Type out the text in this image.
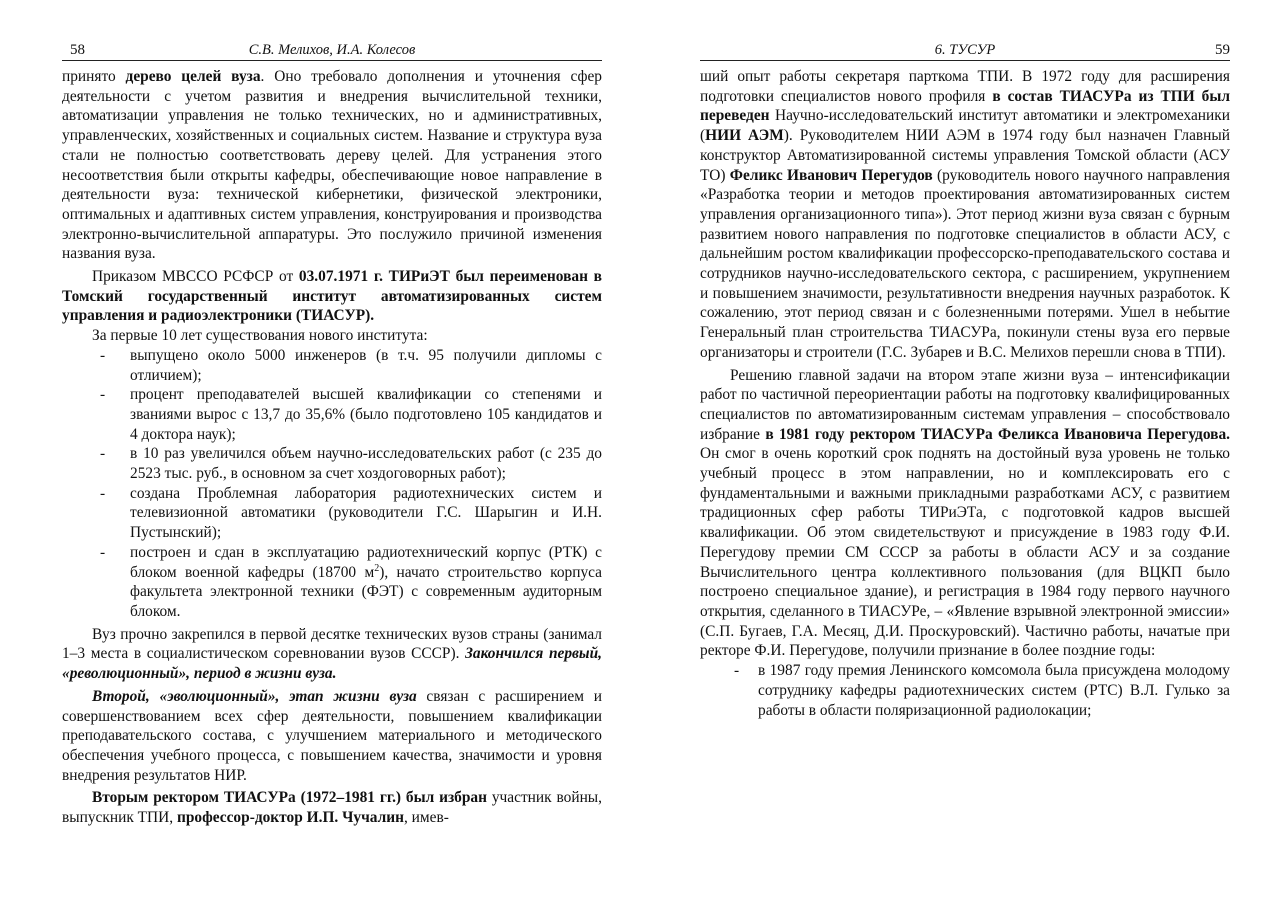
58	С.В. Мелихов, И.А. Колесов

принято дерево целей вуза. Оно требовало дополнения и уточнения сфер деятельности с учетом развития и внедрения вычислительной техники, автоматизации управления не только технических, но и административных, управленческих, хозяйственных и социальных систем. Название и структура вуза стали не полностью соответствовать дереву целей. Для устранения этого несоответствия были открыты кафедры, обеспечивающие новое направление в деятельности вуза: технической кибернетики, физической электроники, оптимальных и адаптивных систем управления, конструирования и производства электронно-вычислительной аппаратуры. Это послужило причиной изменения названия вуза.

Приказом МВССО РСФСР от 03.07.1971 г. ТИРиЭТ был переименован в Томский государственный институт автоматизированных систем управления и радиоэлектроники (ТИАСУР).

За первые 10 лет существования нового института:

- выпущено около 5000 инженеров (в т.ч. 95 получили дипломы с отличием);
- процент преподавателей высшей квалификации со степенями и званиями вырос с 13,7 до 35,6% (было подготовлено 105 кандидатов и 4 доктора наук);
- в 10 раз увеличился объем научно-исследовательских работ (с 235 до 2523 тыс. руб., в основном за счет хоздоговорных работ);
- создана Проблемная лаборатория радиотехнических систем и телевизионной автоматики (руководители Г.С. Шарыгин и И.Н. Пустынский);
- построен и сдан в эксплуатацию радиотехнический корпус (РТК) с блоком военной кафедры (18700 $м^2$), начато строительство корпуса факультета электронной техники (ФЭТ) с современным аудиторным блоком.

Вуз прочно закрепился в первой десятке технических вузов страны (занимал 1–3 места в социалистическом соревновании вузов СССР). Закончился первый, «революционный», период в жизни вуза.

Второй, «эволюционный», этап жизни вуза связан с расширением и совершенствованием всех сфер деятельности, повышением квалификации преподавательского состава, с улучшением материального и методического обеспечения учебного процесса, с повышением качества, значимости и уровня внедрения результатов НИР.

Вторым ректором ТИАСУРа (1972–1981 гг.) был избран участник войны, выпускник ТПИ, профессор-доктор И.П. Чучалин, имев-

6. ТУСУР	59

ший опыт работы секретаря парткома ТПИ. В 1972 году для расширения подготовки специалистов нового профиля в состав ТИАСУРа из ТПИ был переведен Научно-исследовательский институт автоматики и электромеханики (НИИ АЭМ). Руководителем НИИ АЭМ в 1974 году был назначен Главный конструктор Автоматизированной системы управления Томской области (АСУ ТО) Феликс Иванович Перегудов (руководитель нового научного направления «Разработка теории и методов проектирования автоматизированных систем управления организационного типа»). Этот период жизни вуза связан с бурным развитием нового направления по подготовке специалистов в области АСУ, с дальнейшим ростом квалификации профессорско-преподавательского состава и сотрудников научно-исследовательского сектора, с расширением, укрупнением и повышением значимости, результативности внедрения научных разработок. К сожалению, этот период связан и с болезненными потерями. Ушел в небытие Генеральный план строительства ТИАСУРа, покинули стены вуза его первые организаторы и строители (Г.С. Зубарев и В.С. Мелихов перешли снова в ТПИ).

Решению главной задачи на втором этапе жизни вуза – интенсификации работ по частичной переориентации работы на подготовку квалифицированных специалистов по автоматизированным системам управления – способствовало избрание в 1981 году ректором ТИАСУРа Феликса Ивановича Перегудова. Он смог в очень короткий срок поднять на достойный вуза уровень не только учебный процесс в этом направлении, но и комплексировать его с фундаментальными и важными прикладными разработками АСУ, с развитием традиционных сфер работы ТИРиЭТа, с подготовкой кадров высшей квалификации. Об этом свидетельствуют и присуждение в 1983 году Ф.И. Перегудову премии СМ СССР за работы в области АСУ и за создание Вычислительного центра коллективного пользования (для ВЦКП было построено специальное здание), и регистрация в 1984 году первого научного открытия, сделанного в ТИАСУРе, – «Явление взрывной электронной эмиссии» (С.П. Бугаев, Г.А. Месяц, Д.И. Проскуровский). Частично работы, начатые при ректоре Ф.И. Перегудове, получили признание в более поздние годы:

- в 1987 году премия Ленинского комсомола была присуждена молодому сотруднику кафедры радиотехнических систем (РТС) В.Л. Гулько за работы в области поляризационной радиолокации;
